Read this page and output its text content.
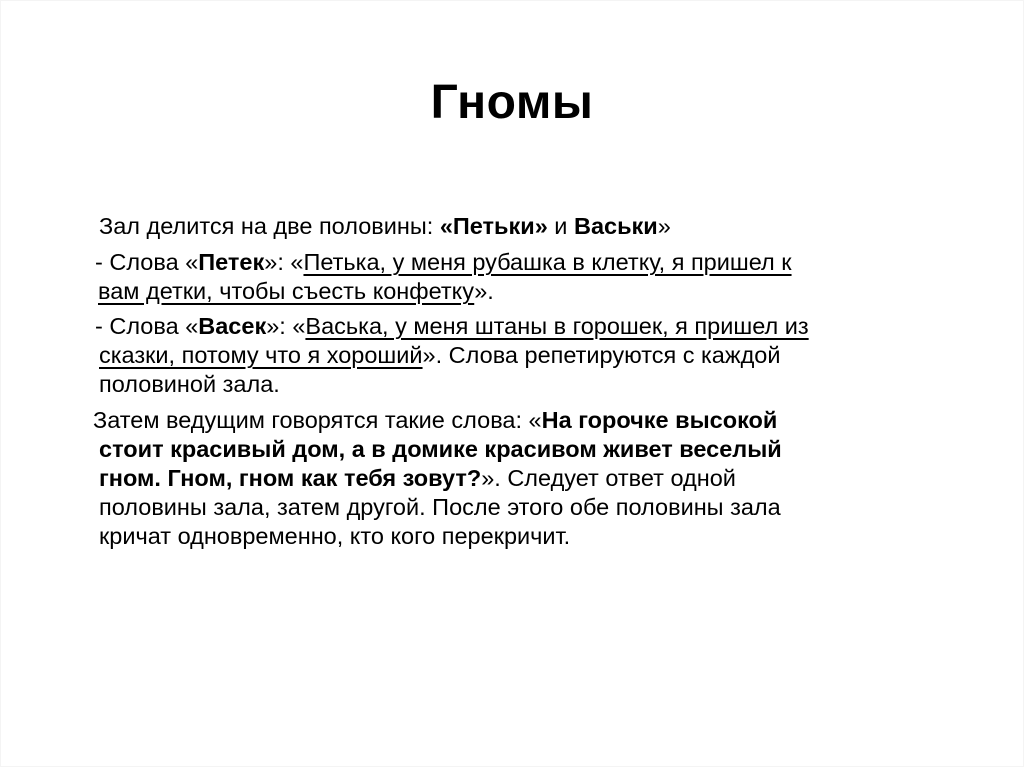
Гномы

Зал делится на две половины: «Петьки» и Васьки»

- Слова «Петек»: «Петька, у меня рубашка в клетку, я пришел к
вам детки, чтобы съесть конфетку».

- Слова «Васек»: «Васька, у меня штаны в горошек, я пришел из
сказки, потому что я хороший». Слова репетируются с каждой
половиной зала.

Затем ведущим говорятся такие слова: «На горочке высокой
стоит красивый дом, а в домике красивом живет веселый
гном. Гном, гном как тебя зовут?». Следует ответ одной
половины зала, затем другой. После этого обе половины зала
кричат одновременно, кто кого перекричит.
